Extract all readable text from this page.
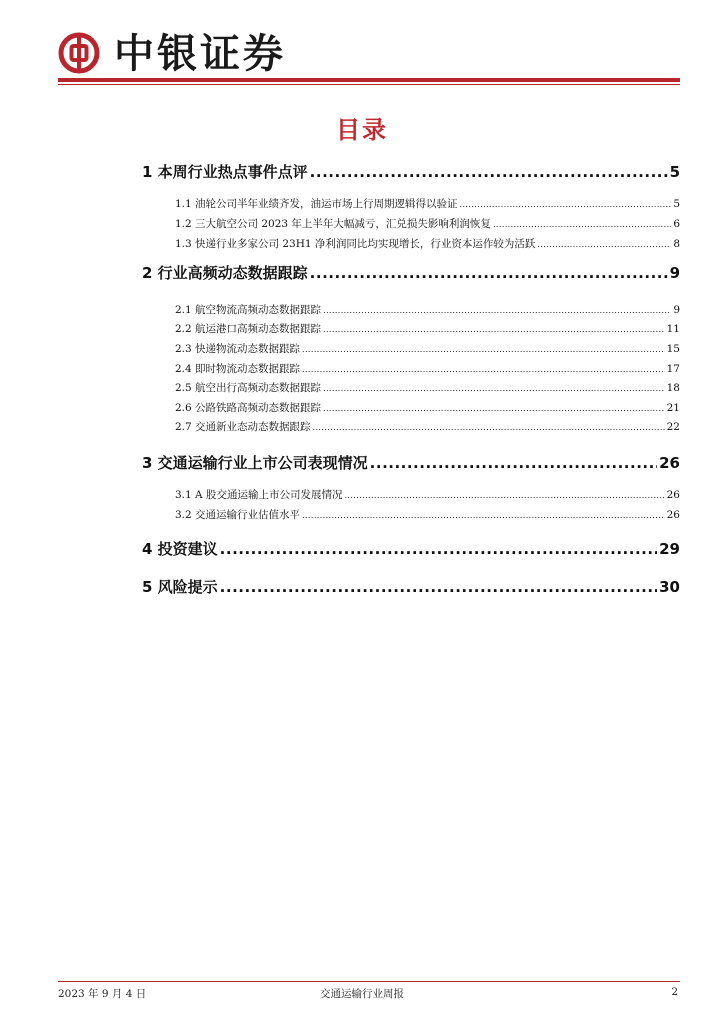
中银证券
目录
1 本周行业热点事件点评 .....	5
1.1 油轮公司半年业绩齐发，油运市场上行周期逻辑得以验证 .....	5
1.2 三大航空公司 2023 年上半年大幅减亏，汇兑损失影响利润恢复 .....	6
1.3 快递行业多家公司 23H1 净利润同比均实现增长，行业资本运作较为活跃 .....	8
2 行业高频动态数据跟踪 .....	9
2.1 航空物流高频动态数据跟踪 .....	9
2.2 航运港口高频动态数据跟踪 .....	11
2.3 快递物流动态数据跟踪 .....	15
2.4 即时物流动态数据跟踪 .....	17
2.5 航空出行高频动态数据跟踪 .....	18
2.6 公路铁路高频动态数据跟踪 .....	21
2.7 交通新业态动态数据跟踪 .....	22
3 交通运输行业上市公司表现情况 .....	26
3.1 A 股交通运输上市公司发展情况 .....	26
3.2 交通运输行业估值水平 .....	26
4 投资建议 .....	29
5 风险提示 .....	30
2023 年 9 月 4 日	交通运输行业周报	2
